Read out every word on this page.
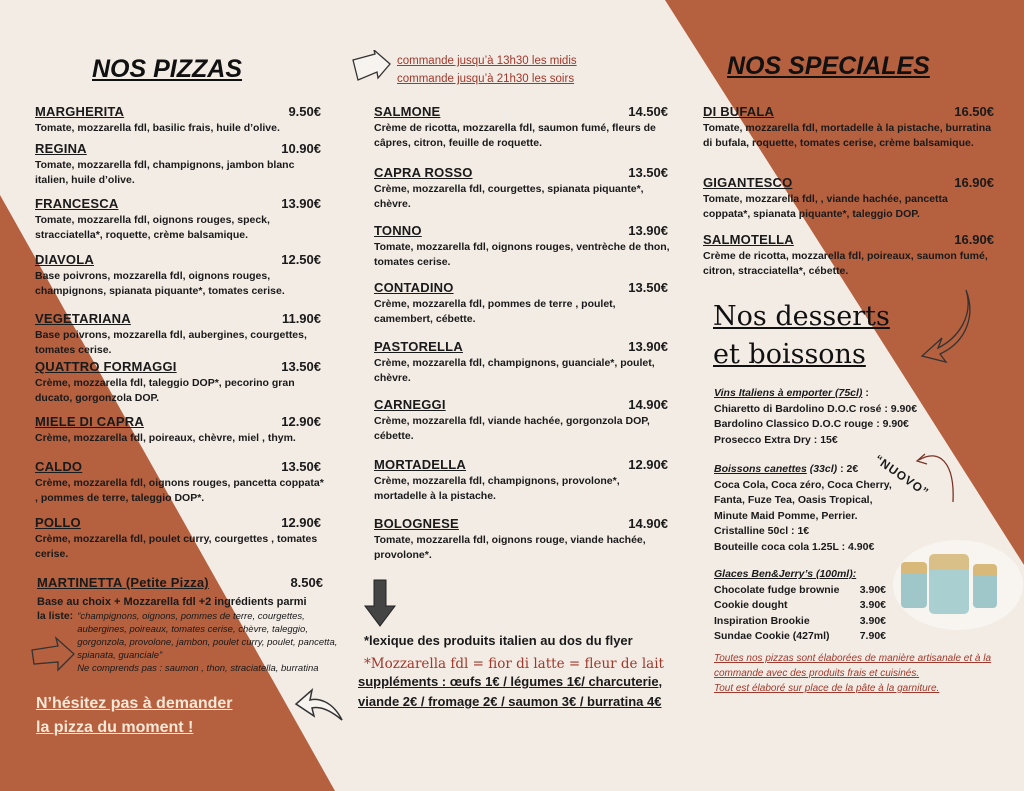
NOS PIZZAS	NOS SPECIALES
commande jusqu’à 13h30 les midis
commande jusqu’à 21h30 les soirs
MARGHERITA	9.50€
Tomate, mozzarella fdl, basilic frais, huile d’olive.
REGINA	10.90€
Tomate, mozzarella fdl, champignons, jambon blanc italien, huile d’olive.
FRANCESCA	13.90€
Tomate, mozzarella fdl, oignons rouges, speck, stracciatella*, roquette, crème balsamique.
DIAVOLA	12.50€
Base poivrons, mozzarella fdl, oignons rouges, champignons, spianata piquante*, tomates cerise.
VEGETARIANA	11.90€
Base poivrons, mozzarella fdl, aubergines, courgettes, tomates cerise.
QUATTRO FORMAGGI	13.50€
Crème, mozzarella fdl, taleggio DOP*, pecorino gran ducato, gorgonzola DOP.
MIELE DI CAPRA	12.90€
Crème, mozzarella fdl, poireaux, chèvre, miel , thym.
CALDO	13.50€
Crème, mozzarella fdl, oignons rouges, pancetta coppata* , pommes de terre, taleggio DOP*.
POLLO	12.90€
Crème, mozzarella fdl, poulet curry, courgettes , tomates cerise.
SALMONE	14.50€
Crème de ricotta, mozzarella fdl, saumon fumé, fleurs de câpres, citron, feuille de roquette.
CAPRA ROSSO	13.50€
Crème, mozzarella fdl, courgettes, spianata piquante*, chèvre.
TONNO	13.90€
Tomate, mozzarella fdl, oignons rouges, ventrèche de thon, tomates cerise.
CONTADINO	13.50€
Crème, mozzarella fdl, pommes de terre , poulet, camembert, cébette.
PASTORELLA	13.90€
Crème, mozzarella fdl, champignons, guanciale*, poulet, chèvre.
CARNEGGI	14.90€
Crème, mozzarella fdl, viande hachée, gorgonzola DOP, cébette.
MORTADELLA	12.90€
Crème, mozzarella fdl, champignons, provolone*, mortadelle à la pistache.
BOLOGNESE	14.90€
Tomate, mozzarella fdl, oignons rouge, viande hachée, provolone*.
DI BUFALA	16.50€
Tomate, mozzarella fdl, mortadelle à la pistache, burratina di bufala, roquette, tomates cerise, crème balsamique.
GIGANTESCO	16.90€
Tomate, mozzarella fdl, , viande hachée, pancetta coppata*, spianata piquante*, taleggio DOP.
SALMOTELLA	16.90€
Crème de ricotta, mozzarella fdl, poireaux, saumon fumé, citron, stracciatella*, cébette.
MARTINETTA (Petite Pizza)	8.50€
Base au choix + Mozzarella fdl +2 ingrédients parmi
la liste: “champignons, oignons, pommes de terre, courgettes, aubergines, poireaux, tomates cerise, chèvre, taleggio, gorgonzola, provolone, jambon, poulet curry, poulet, pancetta, spianata, guanciale”
Ne comprends pas : saumon , thon, straciatella, burratina
N’hésitez pas à demander
la pizza du moment !
*lexique des produits italien au dos du flyer
*Mozzarella fdl = fior di latte = fleur de lait
suppléments : œufs 1€ / légumes 1€/ charcuterie,
viande 2€ / fromage 2€ / saumon 3€ / burratina 4€
Nos desserts
et boissons
Vins Italiens à emporter (75cl) :
Chiaretto di Bardolino D.O.C rosé : 9.90€
Bardolino Classico D.O.C rouge : 9.90€
Prosecco Extra Dry : 15€
“NUOVO”
Boissons canettes (33cl) : 2€
Coca Cola, Coca zéro, Coca Cherry,
Fanta, Fuze Tea, Oasis Tropical,
Minute Maid Pomme, Perrier.
Cristalline 50cl : 1€
Bouteille coca cola 1.25L : 4.90€
Glaces Ben&Jerry’s (100ml):
Chocolate fudge brownie 3.90€
Cookie dought	3.90€
Inspiration Brookie	3.90€
Sundae Cookie (427ml)	7.90€
Toutes nos pizzas sont élaborées de manière artisanale et à la commande avec des produits frais et cuisinés.
Tout est élaboré sur place de la pâte à la garniture.
